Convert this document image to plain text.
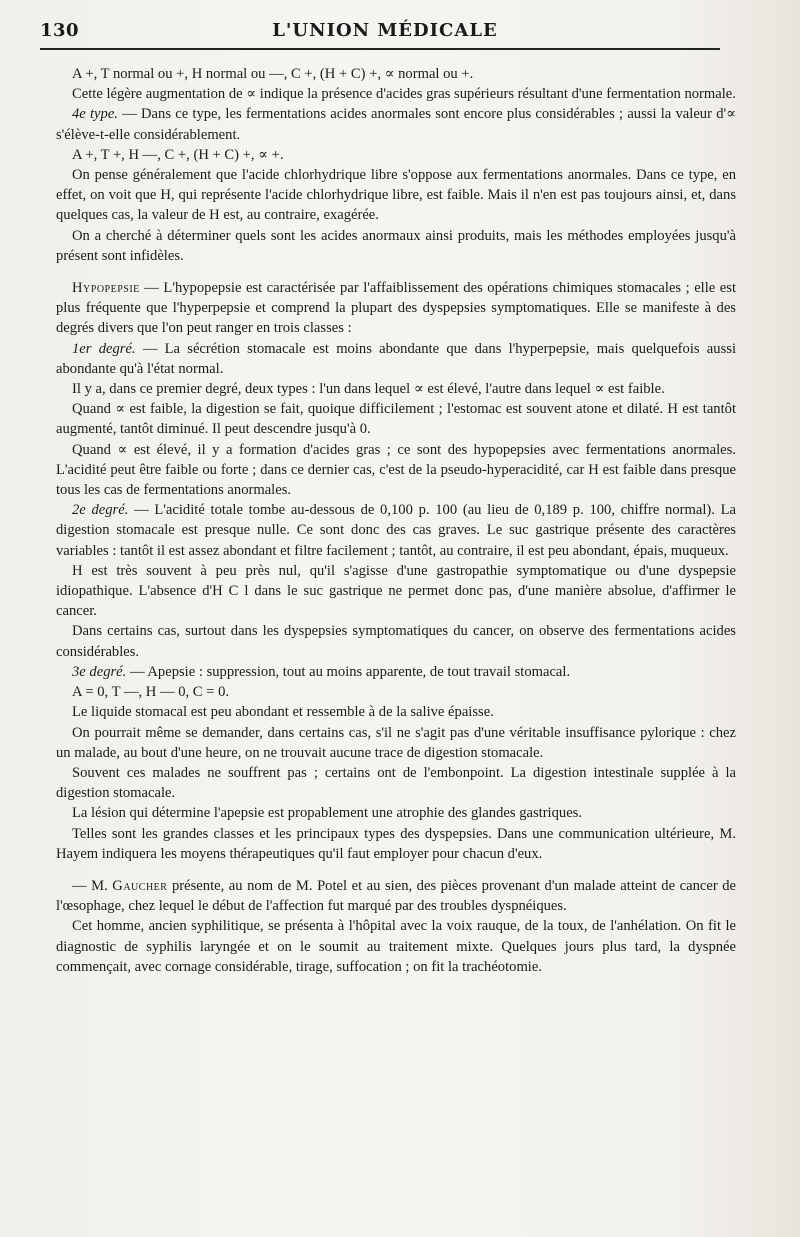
130	L'UNION MÉDICALE

A +, T normal ou +, H normal ou —, C +, (H + C) +, ∝ normal ou +.

Cette légère augmentation de ∝ indique la présence d'acides gras supérieurs résultant d'une fermentation normale.

4e type. — Dans ce type, les fermentations acides anormales sont encore plus considérables ; aussi la valeur d'∝ s'élève-t-elle considérablement.

A +, T +, H —, C +, (H + C) +, ∝ +.

On pense généralement que l'acide chlorhydrique libre s'oppose aux fermentations anormales. Dans ce type, en effet, on voit que H, qui représente l'acide chlorhydrique libre, est faible. Mais il n'en est pas toujours ainsi, et, dans quelques cas, la valeur de H est, au contraire, exagérée.

On a cherché à déterminer quels sont les acides anormaux ainsi produits, mais les méthodes employées jusqu'à présent sont infidèles.

Hypopepsie — L'hypopepsie est caractérisée par l'affaiblissement des opérations chimiques stomacales ; elle est plus fréquente que l'hyperpepsie et comprend la plupart des dyspepsies symptomatiques. Elle se manifeste à des degrés divers que l'on peut ranger en trois classes :

1er degré. — La sécrétion stomacale est moins abondante que dans l'hyperpepsie, mais quelquefois aussi abondante qu'à l'état normal.

Il y a, dans ce premier degré, deux types : l'un dans lequel ∝ est élevé, l'autre dans lequel ∝ est faible.

Quand ∝ est faible, la digestion se fait, quoique difficilement ; l'estomac est souvent atone et dilaté. H est tantôt augmenté, tantôt diminué. Il peut descendre jusqu'à 0.

Quand ∝ est élevé, il y a formation d'acides gras ; ce sont des hypopepsies avec fermentations anormales. L'acidité peut être faible ou forte ; dans ce dernier cas, c'est de la pseudo-hyperacidité, car H est faible dans presque tous les cas de fermentations anormales.

2e degré. — L'acidité totale tombe au-dessous de 0,100 p. 100 (au lieu de 0,189 p. 100, chiffre normal). La digestion stomacale est presque nulle. Ce sont donc des cas graves. Le suc gastrique présente des caractères variables : tantôt il est assez abondant et filtre facilement ; tantôt, au contraire, il est peu abondant, épais, muqueux.

H est très souvent à peu près nul, qu'il s'agisse d'une gastropathie symptomatique ou d'une dyspepsie idiopathique. L'absence d'H C l dans le suc gastrique ne permet donc pas, d'une manière absolue, d'affirmer le cancer.

Dans certains cas, surtout dans les dyspepsies symptomatiques du cancer, on observe des fermentations acides considérables.

3e degré. — Apepsie : suppression, tout au moins apparente, de tout travail stomacal.

A = 0, T —, H — 0, C = 0.

Le liquide stomacal est peu abondant et ressemble à de la salive épaisse.

On pourrait même se demander, dans certains cas, s'il ne s'agit pas d'une véritable insuffisance pylorique : chez un malade, au bout d'une heure, on ne trouvait aucune trace de digestion stomacale.

Souvent ces malades ne souffrent pas ; certains ont de l'embonpoint. La digestion intestinale supplée à la digestion stomacale.

La lésion qui détermine l'apepsie est propablement une atrophie des glandes gastriques.

Telles sont les grandes classes et les principaux types des dyspepsies. Dans une communication ultérieure, M. Hayem indiquera les moyens thérapeutiques qu'il faut employer pour chacun d'eux.

— M. Gaucher présente, au nom de M. Potel et au sien, des pièces provenant d'un malade atteint de cancer de l'œsophage, chez lequel le début de l'affection fut marqué par des troubles dyspnéiques.

Cet homme, ancien syphilitique, se présenta à l'hôpital avec la voix rauque, de la toux, de l'anhélation. On fit le diagnostic de syphilis laryngée et on le soumit au traitement mixte. Quelques jours plus tard, la dyspnée commençait, avec cornage considérable, tirage, suffocation ; on fit la trachéotomie.
